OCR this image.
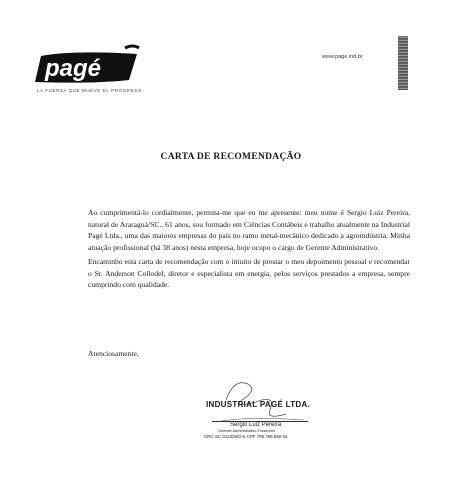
pagé
LA FUERZA QUE MUEVE EL PROGRESO
www.page.ind.br
CARTA DE RECOMENDAÇÃO

Ao cumprimentá-lo cordialmente, permita-me que eu me apresente: meu nome é Sergio Luiz Pereira, natural de Araraguá/SC., 61 anos, sou formado em Ciências Contábeis e trabalho atualmente na Industrial Pagé Ltda., uma das maiores empresas do país no ramo metal-mecânico dedicado a agroindústria. Minha atuação profissional (há 38 anos) nesta empresa, hoje ocupo o cargo de Gerente Administrativo.

Encaminho esta carta de recomendação com o intuito de prestar o meu depoimento pessoal e recomendar o Sr. Anderson Collodel, diretor e especialista em energia, pelos serviços prestados a empresa, sempre cumprindo com qualidade.

Atenciosamente,
INDUSTRIAL PAGÉ LTDA.
Sergio Luiz Pereira
Gerente Administrativo-Financeiro
CRC-SC 012328/O-5 CPF 796.788.559-04
